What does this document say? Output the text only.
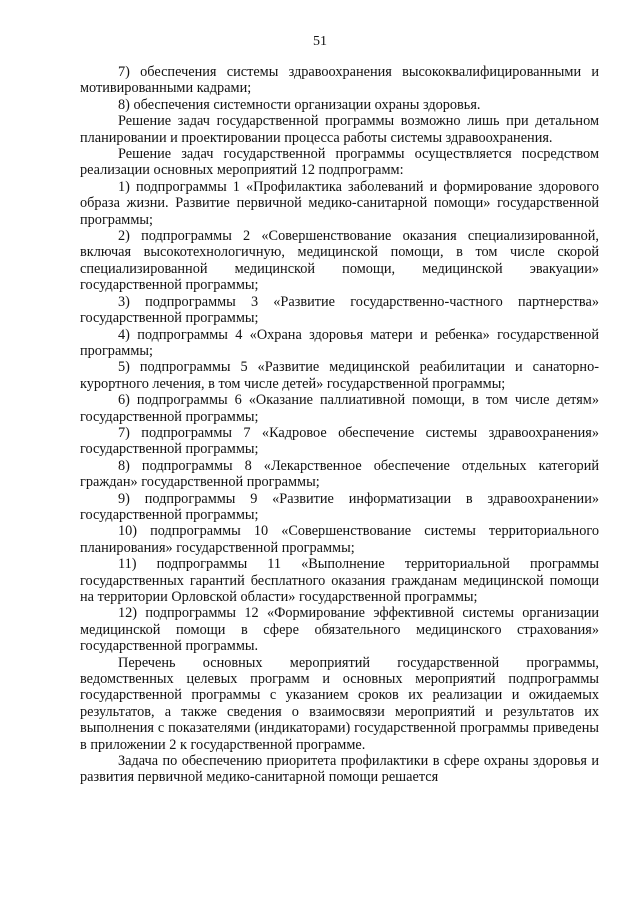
51

7) обеспечения системы здравоохранения высококвалифицированными и мотивированными кадрами;

8) обеспечения системности организации охраны здоровья.

Решение задач государственной программы возможно лишь при детальном планировании и проектировании процесса работы системы здравоохранения.

Решение задач государственной программы осуществляется посредством реализации основных мероприятий 12 подпрограмм:

1) подпрограммы 1 «Профилактика заболеваний и формирование здорового образа жизни. Развитие первичной медико-санитарной помощи» государственной программы;

2) подпрограммы 2 «Совершенствование оказания специализированной, включая высокотехнологичную, медицинской помощи, в том числе скорой специализированной медицинской помощи, медицинской эвакуации» государственной программы;

3) подпрограммы 3 «Развитие государственно-частного партнерства» государственной программы;

4) подпрограммы 4 «Охрана здоровья матери и ребенка» государственной программы;

5) подпрограммы 5 «Развитие медицинской реабилитации и санаторно-курортного лечения, в том числе детей» государственной программы;

6) подпрограммы 6 «Оказание паллиативной помощи, в том числе детям» государственной программы;

7) подпрограммы 7 «Кадровое обеспечение системы здравоохранения» государственной программы;

8) подпрограммы 8 «Лекарственное обеспечение отдельных категорий граждан» государственной программы;

9) подпрограммы 9 «Развитие информатизации в здравоохранении» государственной программы;

10) подпрограммы 10 «Совершенствование системы территориального планирования» государственной программы;

11) подпрограммы 11 «Выполнение территориальной программы государственных гарантий бесплатного оказания гражданам медицинской помощи на территории Орловской области» государственной программы;

12) подпрограммы 12 «Формирование эффективной системы организации медицинской помощи в сфере обязательного медицинского страхования» государственной программы.

Перечень основных мероприятий государственной программы, ведомственных целевых программ и основных мероприятий подпрограммы государственной программы с указанием сроков их реализации и ожидаемых результатов, а также сведения о взаимосвязи мероприятий и результатов их выполнения с показателями (индикаторами) государственной программы приведены в приложении 2 к государственной программе.

Задача по обеспечению приоритета профилактики в сфере охраны здоровья и развития первичной медико-санитарной помощи решается
